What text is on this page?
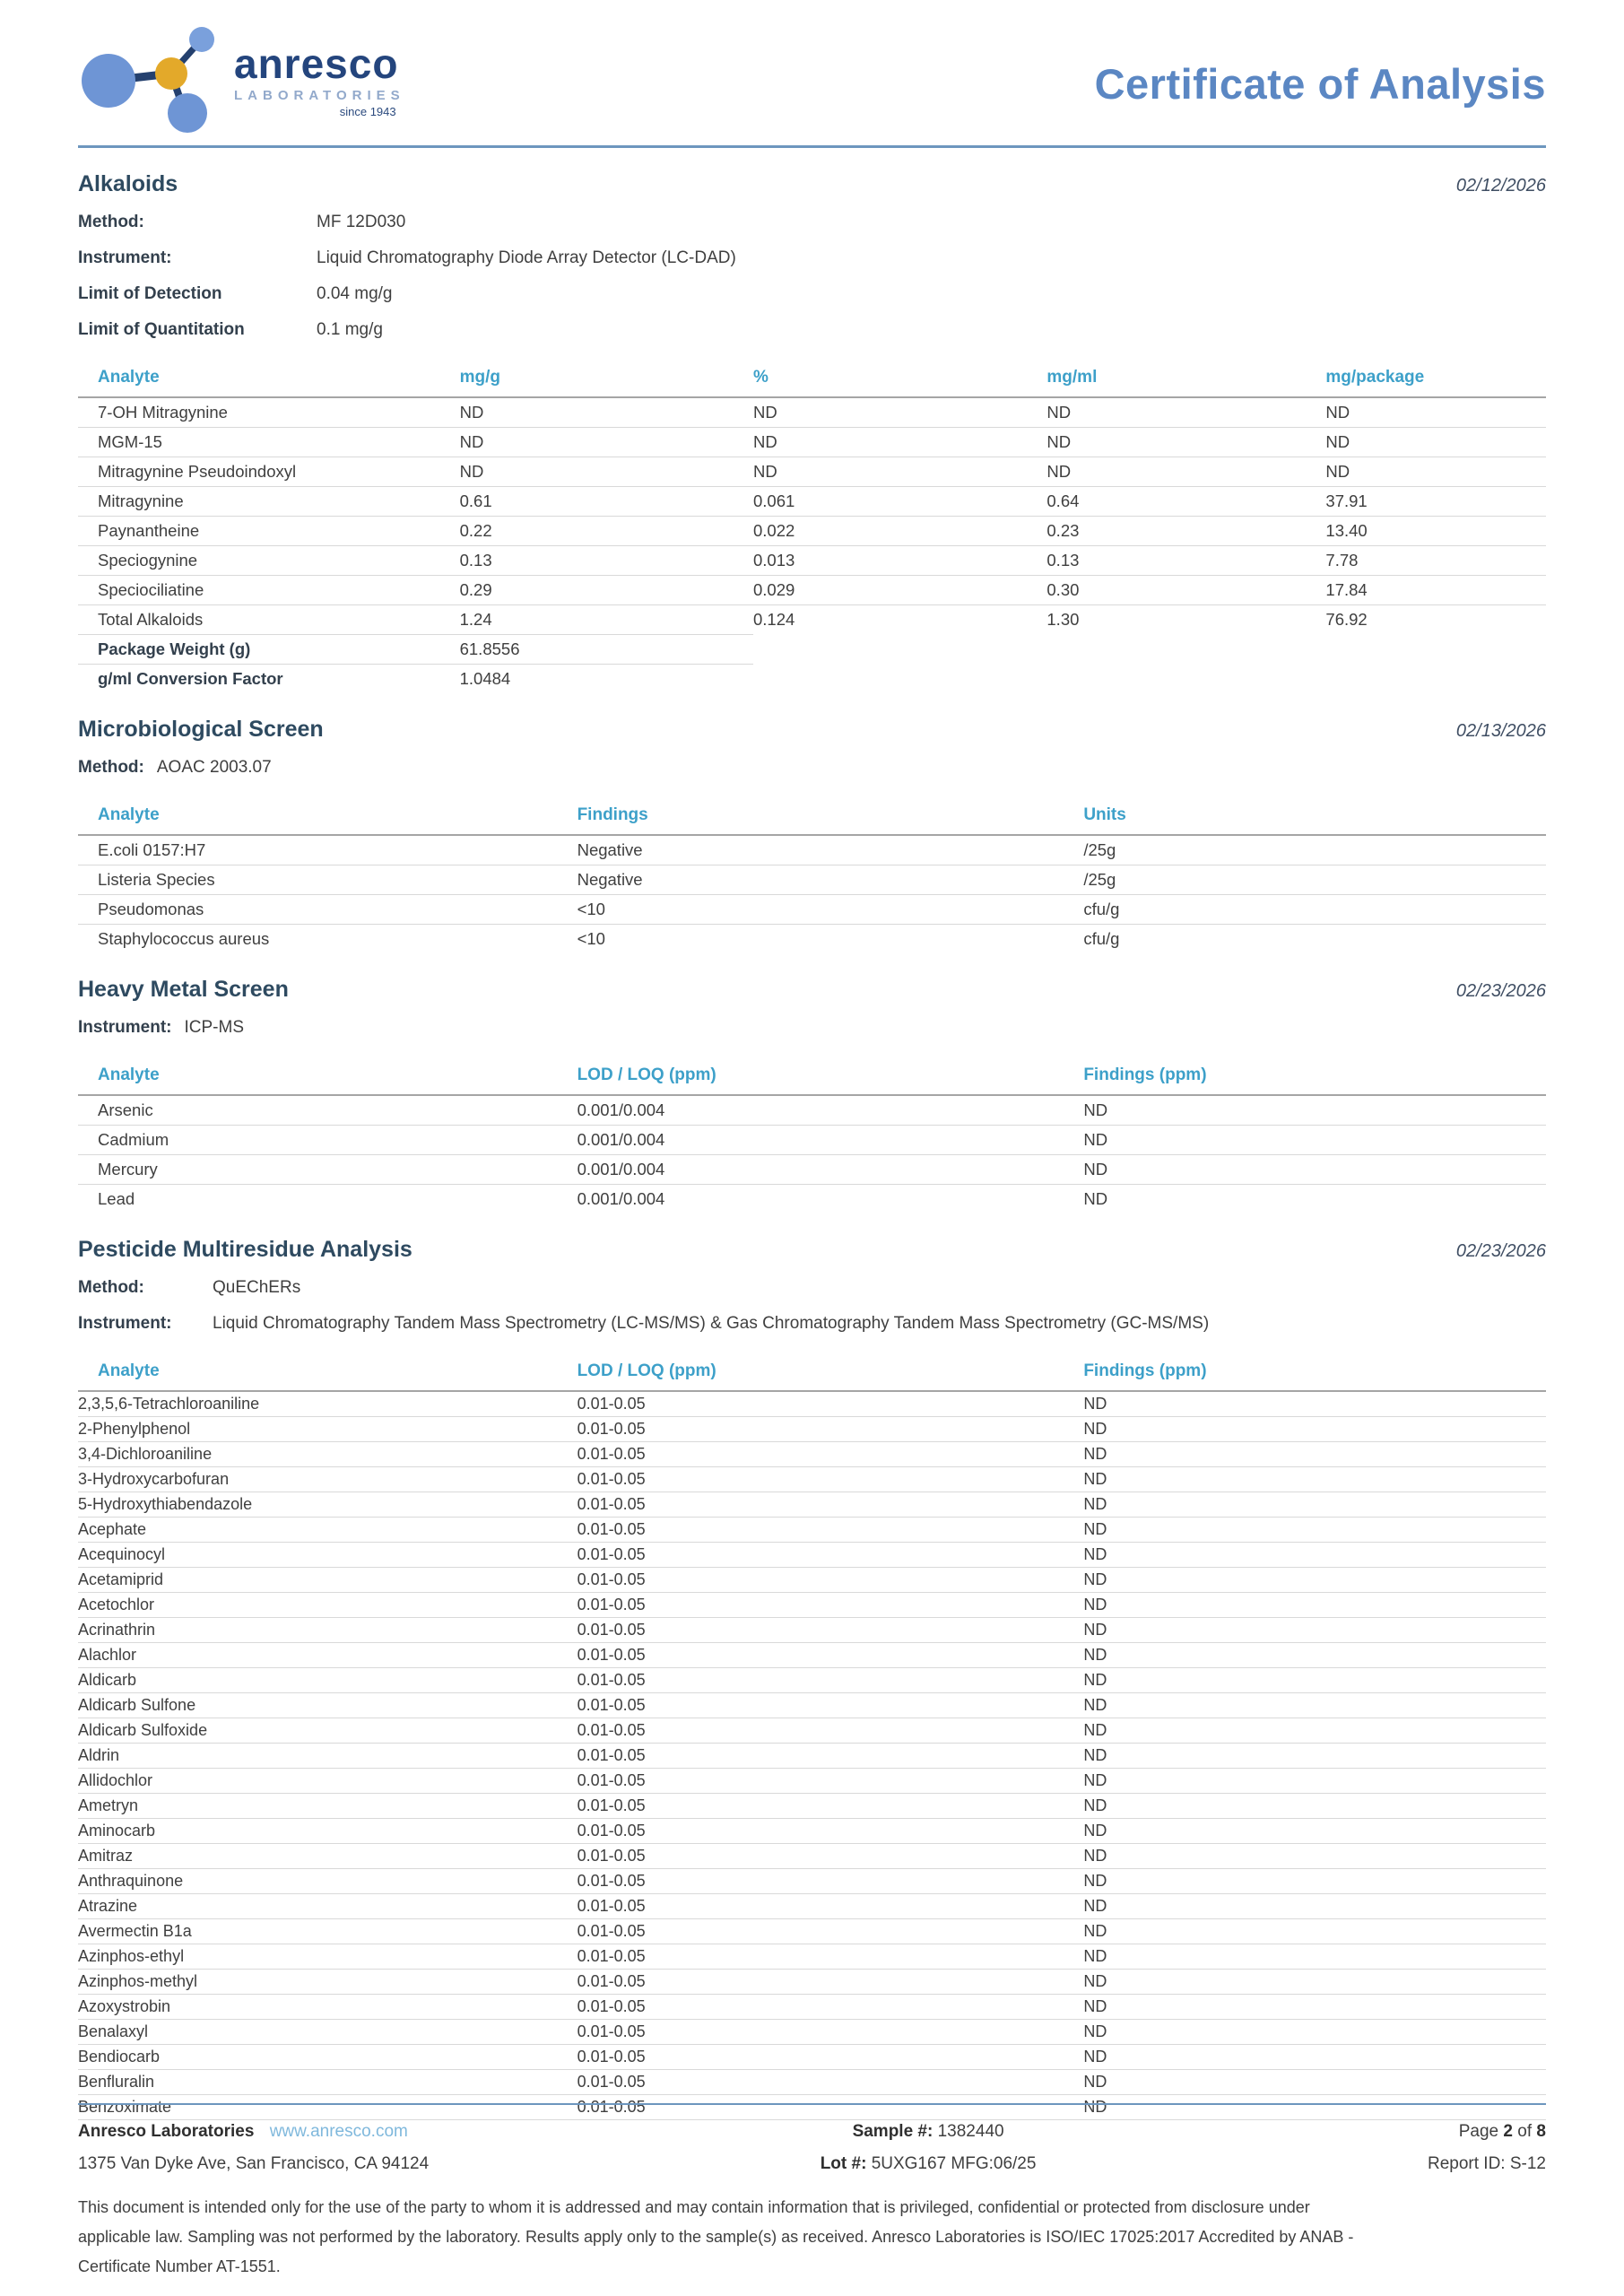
anresco
LABORATORIES
since 1943
Certificate of Analysis
Alkaloids	02/12/2026
Method:	MF 12D030
Instrument:	Liquid Chromatography Diode Array Detector (LC-DAD)
Limit of Detection	0.04 mg/g
Limit of Quantitation	0.1 mg/g
Analyte	mg/g	%	mg/ml	mg/package
7-OH Mitragynine	ND	ND	ND	ND
MGM-15	ND	ND	ND	ND
Mitragynine Pseudoindoxyl	ND	ND	ND	ND
Mitragynine	0.61	0.061	0.64	37.91
Paynantheine	0.22	0.022	0.23	13.40
Speciogynine	0.13	0.013	0.13	7.78
Speciociliatine	0.29	0.029	0.30	17.84
Total Alkaloids	1.24	0.124	1.30	76.92
Package Weight (g)	61.8556			
g/ml Conversion Factor	1.0484			
Microbiological Screen	02/13/2026
Method: AOAC 2003.07
Analyte	Findings	Units
E.coli 0157:H7	Negative	/25g
Listeria Species	Negative	/25g
Pseudomonas	<10	cfu/g
Staphylococcus aureus	<10	cfu/g
Heavy Metal Screen	02/23/2026
Instrument: ICP-MS
Analyte	LOD / LOQ (ppm)	Findings (ppm)
Arsenic	0.001/0.004	ND
Cadmium	0.001/0.004	ND
Mercury	0.001/0.004	ND
Lead	0.001/0.004	ND
Pesticide Multiresidue Analysis	02/23/2026
Method:	QuEChERs
Instrument:	Liquid Chromatography Tandem Mass Spectrometry (LC-MS/MS) & Gas Chromatography Tandem Mass Spectrometry (GC-MS/MS)
Analyte	LOD / LOQ (ppm)	Findings (ppm)
2,3,5,6-Tetrachloroaniline	0.01-0.05	ND
2-Phenylphenol	0.01-0.05	ND
3,4-Dichloroaniline	0.01-0.05	ND
3-Hydroxycarbofuran	0.01-0.05	ND
5-Hydroxythiabendazole	0.01-0.05	ND
Acephate	0.01-0.05	ND
Acequinocyl	0.01-0.05	ND
Acetamiprid	0.01-0.05	ND
Acetochlor	0.01-0.05	ND
Acrinathrin	0.01-0.05	ND
Alachlor	0.01-0.05	ND
Aldicarb	0.01-0.05	ND
Aldicarb Sulfone	0.01-0.05	ND
Aldicarb Sulfoxide	0.01-0.05	ND
Aldrin	0.01-0.05	ND
Allidochlor	0.01-0.05	ND
Ametryn	0.01-0.05	ND
Aminocarb	0.01-0.05	ND
Amitraz	0.01-0.05	ND
Anthraquinone	0.01-0.05	ND
Atrazine	0.01-0.05	ND
Avermectin B1a	0.01-0.05	ND
Azinphos-ethyl	0.01-0.05	ND
Azinphos-methyl	0.01-0.05	ND
Azoxystrobin	0.01-0.05	ND
Benalaxyl	0.01-0.05	ND
Bendiocarb	0.01-0.05	ND
Benfluralin	0.01-0.05	ND
Benzoximate	0.01-0.05	ND
Anresco Laboratories www.anresco.com
1375 Van Dyke Ave, San Francisco, CA 94124
Sample #: 1382440
Lot #: 5UXG167 MFG:06/25
Page 2 of 8
Report ID: S-12
This document is intended only for the use of the party to whom it is addressed and may contain information that is privileged, confidential or protected from disclosure under
applicable law. Sampling was not performed by the laboratory. Results apply only to the sample(s) as received. Anresco Laboratories is ISO/IEC 17025:2017 Accredited by ANAB -
Certificate Number AT-1551.
